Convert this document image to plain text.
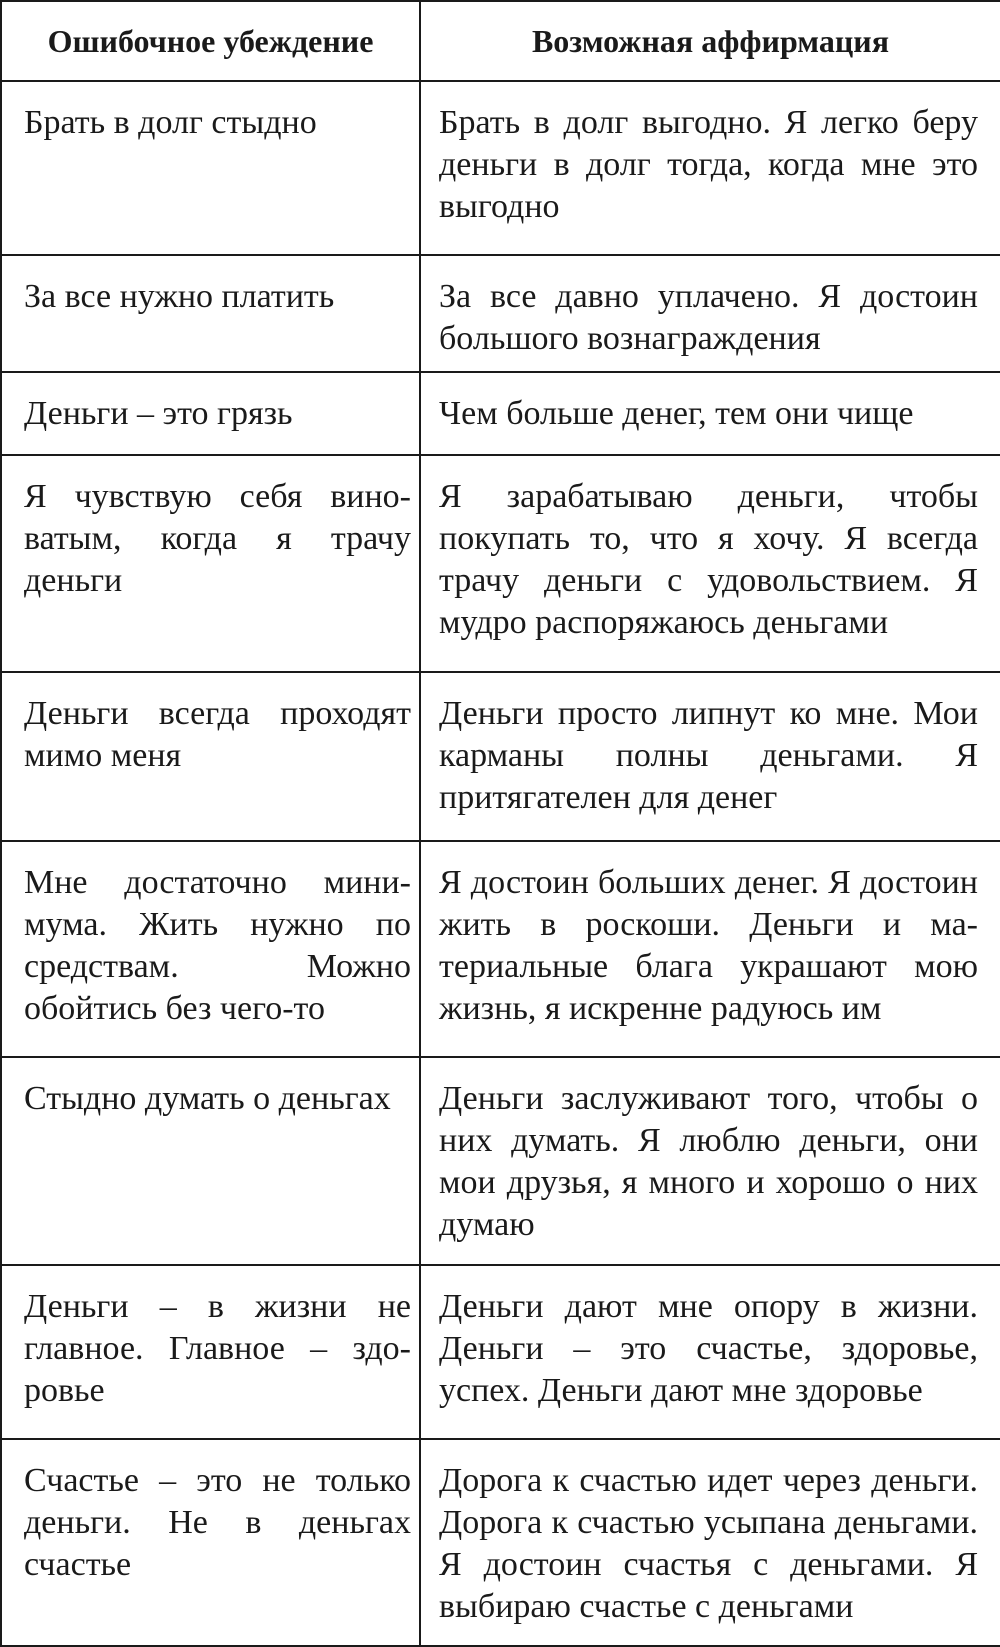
Ошибочное убеждение	Возможная аффирмация
Брать в долг стыдно	Брать в долг выгодно. Я легко беру деньги в долг тогда, когда мне это выгодно
За все нужно платить	За все давно уплачено. Я достоин большого вознаграждения
Деньги – это грязь	Чем больше денег, тем они чище
Я чувствую себя виноватым, когда я трачу деньги	Я зарабатываю деньги, чтобы покупать то, что я хочу. Я всегда трачу деньги с удовольствием. Я мудро распоряжаюсь деньгами
Деньги всегда проходят мимо меня	Деньги просто липнут ко мне. Мои карманы полны деньгами. Я притягателен для денег
Мне достаточно минимума. Жить нужно по средствам. Можно обойтись без чего-то	Я достоин больших денег. Я достоин жить в роскоши. Деньги и материальные блага украшают мою жизнь, я искренне радуюсь им
Стыдно думать о деньгах	Деньги заслуживают того, чтобы о них думать. Я люблю деньги, они мои друзья, я много и хорошо о них думаю
Деньги – в жизни не главное. Главное – здоровье	Деньги дают мне опору в жизни. Деньги – это счастье, здоровье, успех. Деньги дают мне здоровье
Счастье – это не только деньги. Не в деньгах счастье	Дорога к счастью идет через деньги. Дорога к счастью усыпана деньгами. Я достоин счастья с деньгами. Я выбираю счастье с деньгами
